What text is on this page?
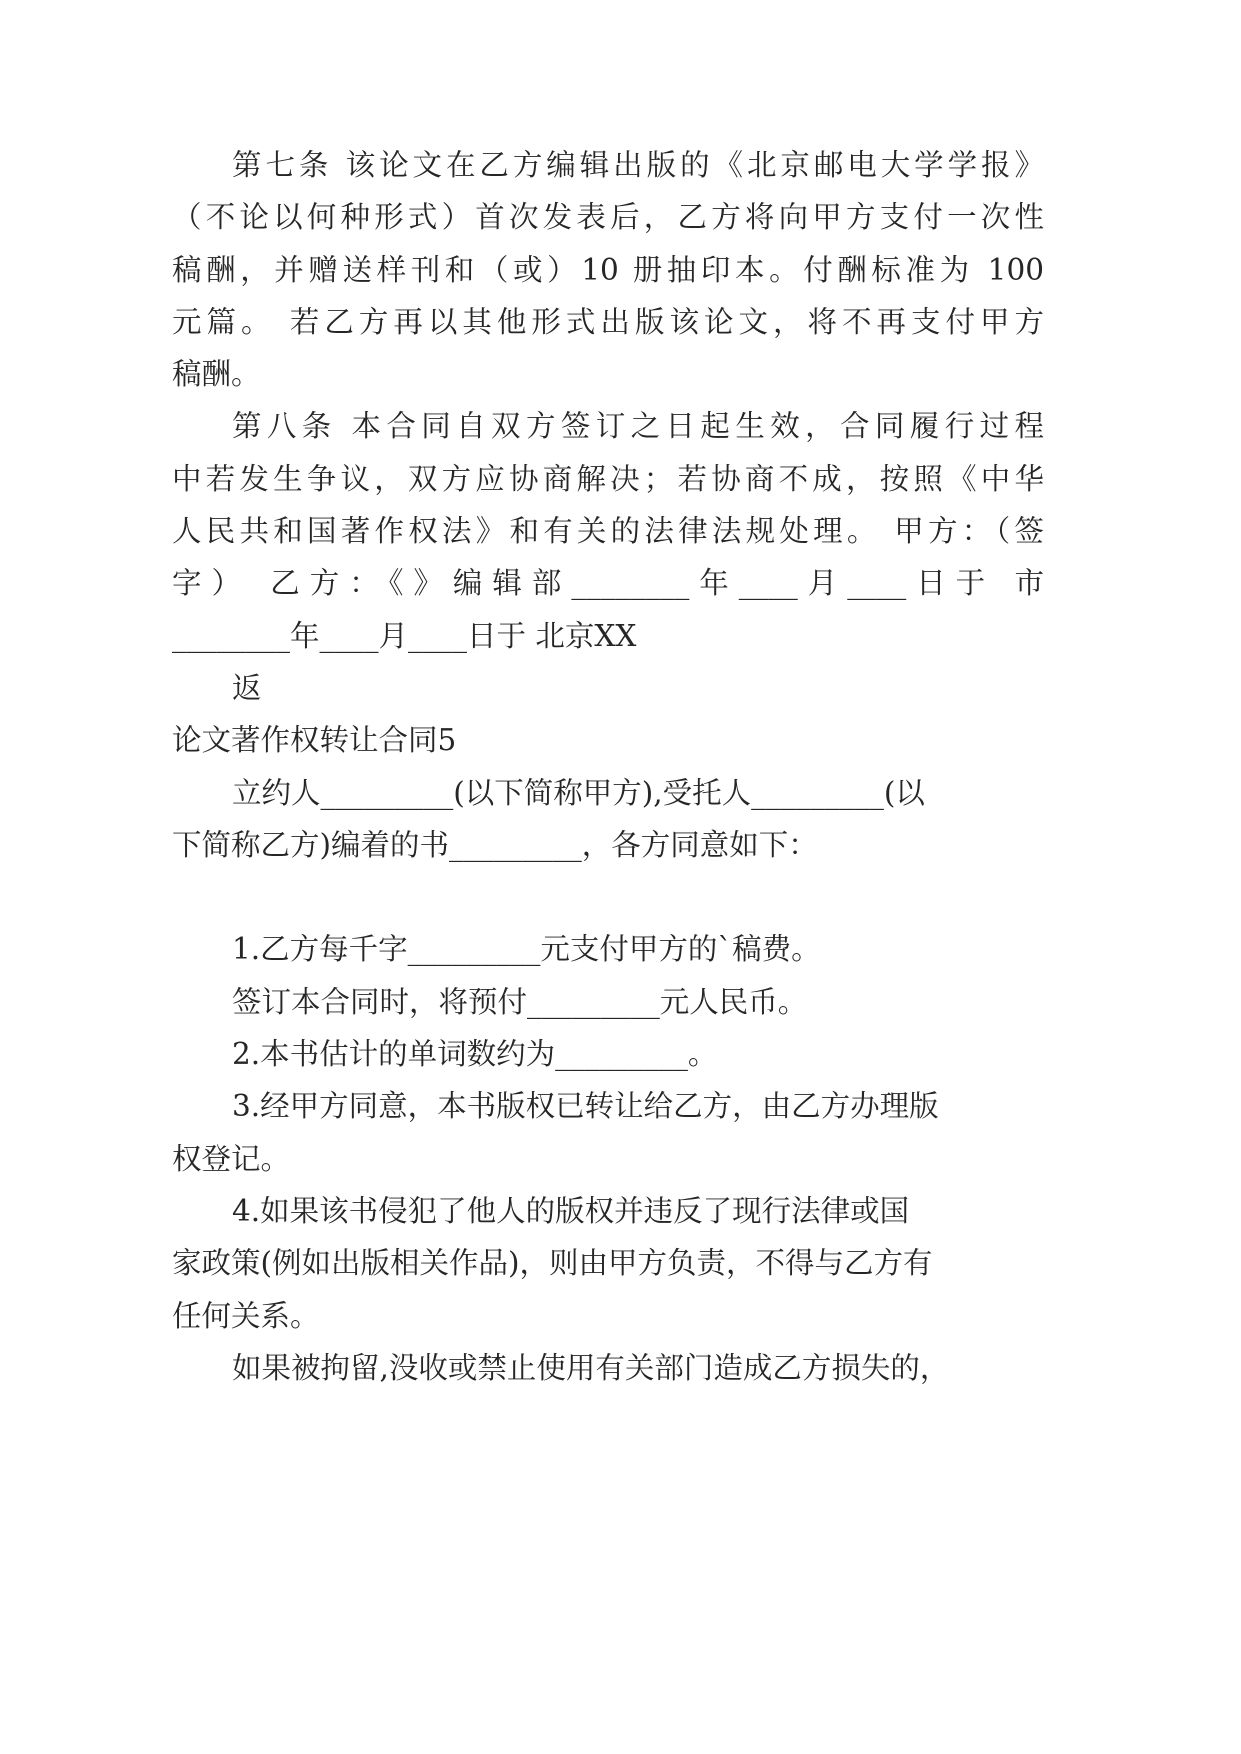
第七条 该论文在乙方编辑出版的《北京邮电大学学报》
（不论以何种形式）首次发表后，乙方将向甲方支付一次性
稿酬，并赠送样刊和（或）10 册抽印本。付酬标准为 100
元篇。 若乙方再以其他形式出版该论文，将不再支付甲方
稿酬。
第八条 本合同自双方签订之日起生效，合同履行过程
中若发生争议，双方应协商解决；若协商不成，按照《中华
人民共和国著作权法》和有关的法律法规处理。 甲方：（签
字） 乙方：《》编辑部________年____月____日于 市
________年____月____日于 北京XX
返
论文著作权转让合同5
立约人_________(以下简称甲方),受托人_________(以
下简称乙方)编着的书_________，各方同意如下：
1.乙方每千字_________元支付甲方的`稿费。
签订本合同时，将预付_________元人民币。
2.本书估计的单词数约为_________。
3.经甲方同意，本书版权已转让给乙方，由乙方办理版
权登记。
4.如果该书侵犯了他人的版权并违反了现行法律或国
家政策(例如出版相关作品)，则由甲方负责，不得与乙方有
任何关系。
如果被拘留,没收或禁止使用有关部门造成乙方损失的，
